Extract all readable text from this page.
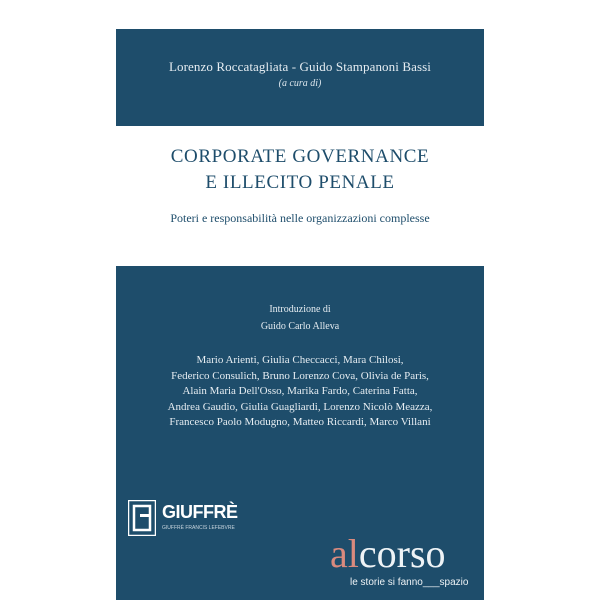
Lorenzo Roccatagliata - Guido Stampanoni Bassi
(a cura di)
CORPORATE GOVERNANCE
E ILLECITO PENALE
Poteri e responsabilità nelle organizzazioni complesse
Introduzione di
Guido Carlo Alleva
Mario Arienti, Giulia Checcacci, Mara Chilosi,
Federico Consulich, Bruno Lorenzo Cova, Olivia de Paris,
Alain Maria Dell'Osso, Marika Fardo, Caterina Fatta,
Andrea Gaudio, Giulia Guagliardi, Lorenzo Nicolò Meazza,
Francesco Paolo Modugno, Matteo Riccardi, Marco Villani
GIUFFRÈ
GIUFFRÈ FRANCIS LEFEBVRE
alcorso
le storie si fanno___spazio
